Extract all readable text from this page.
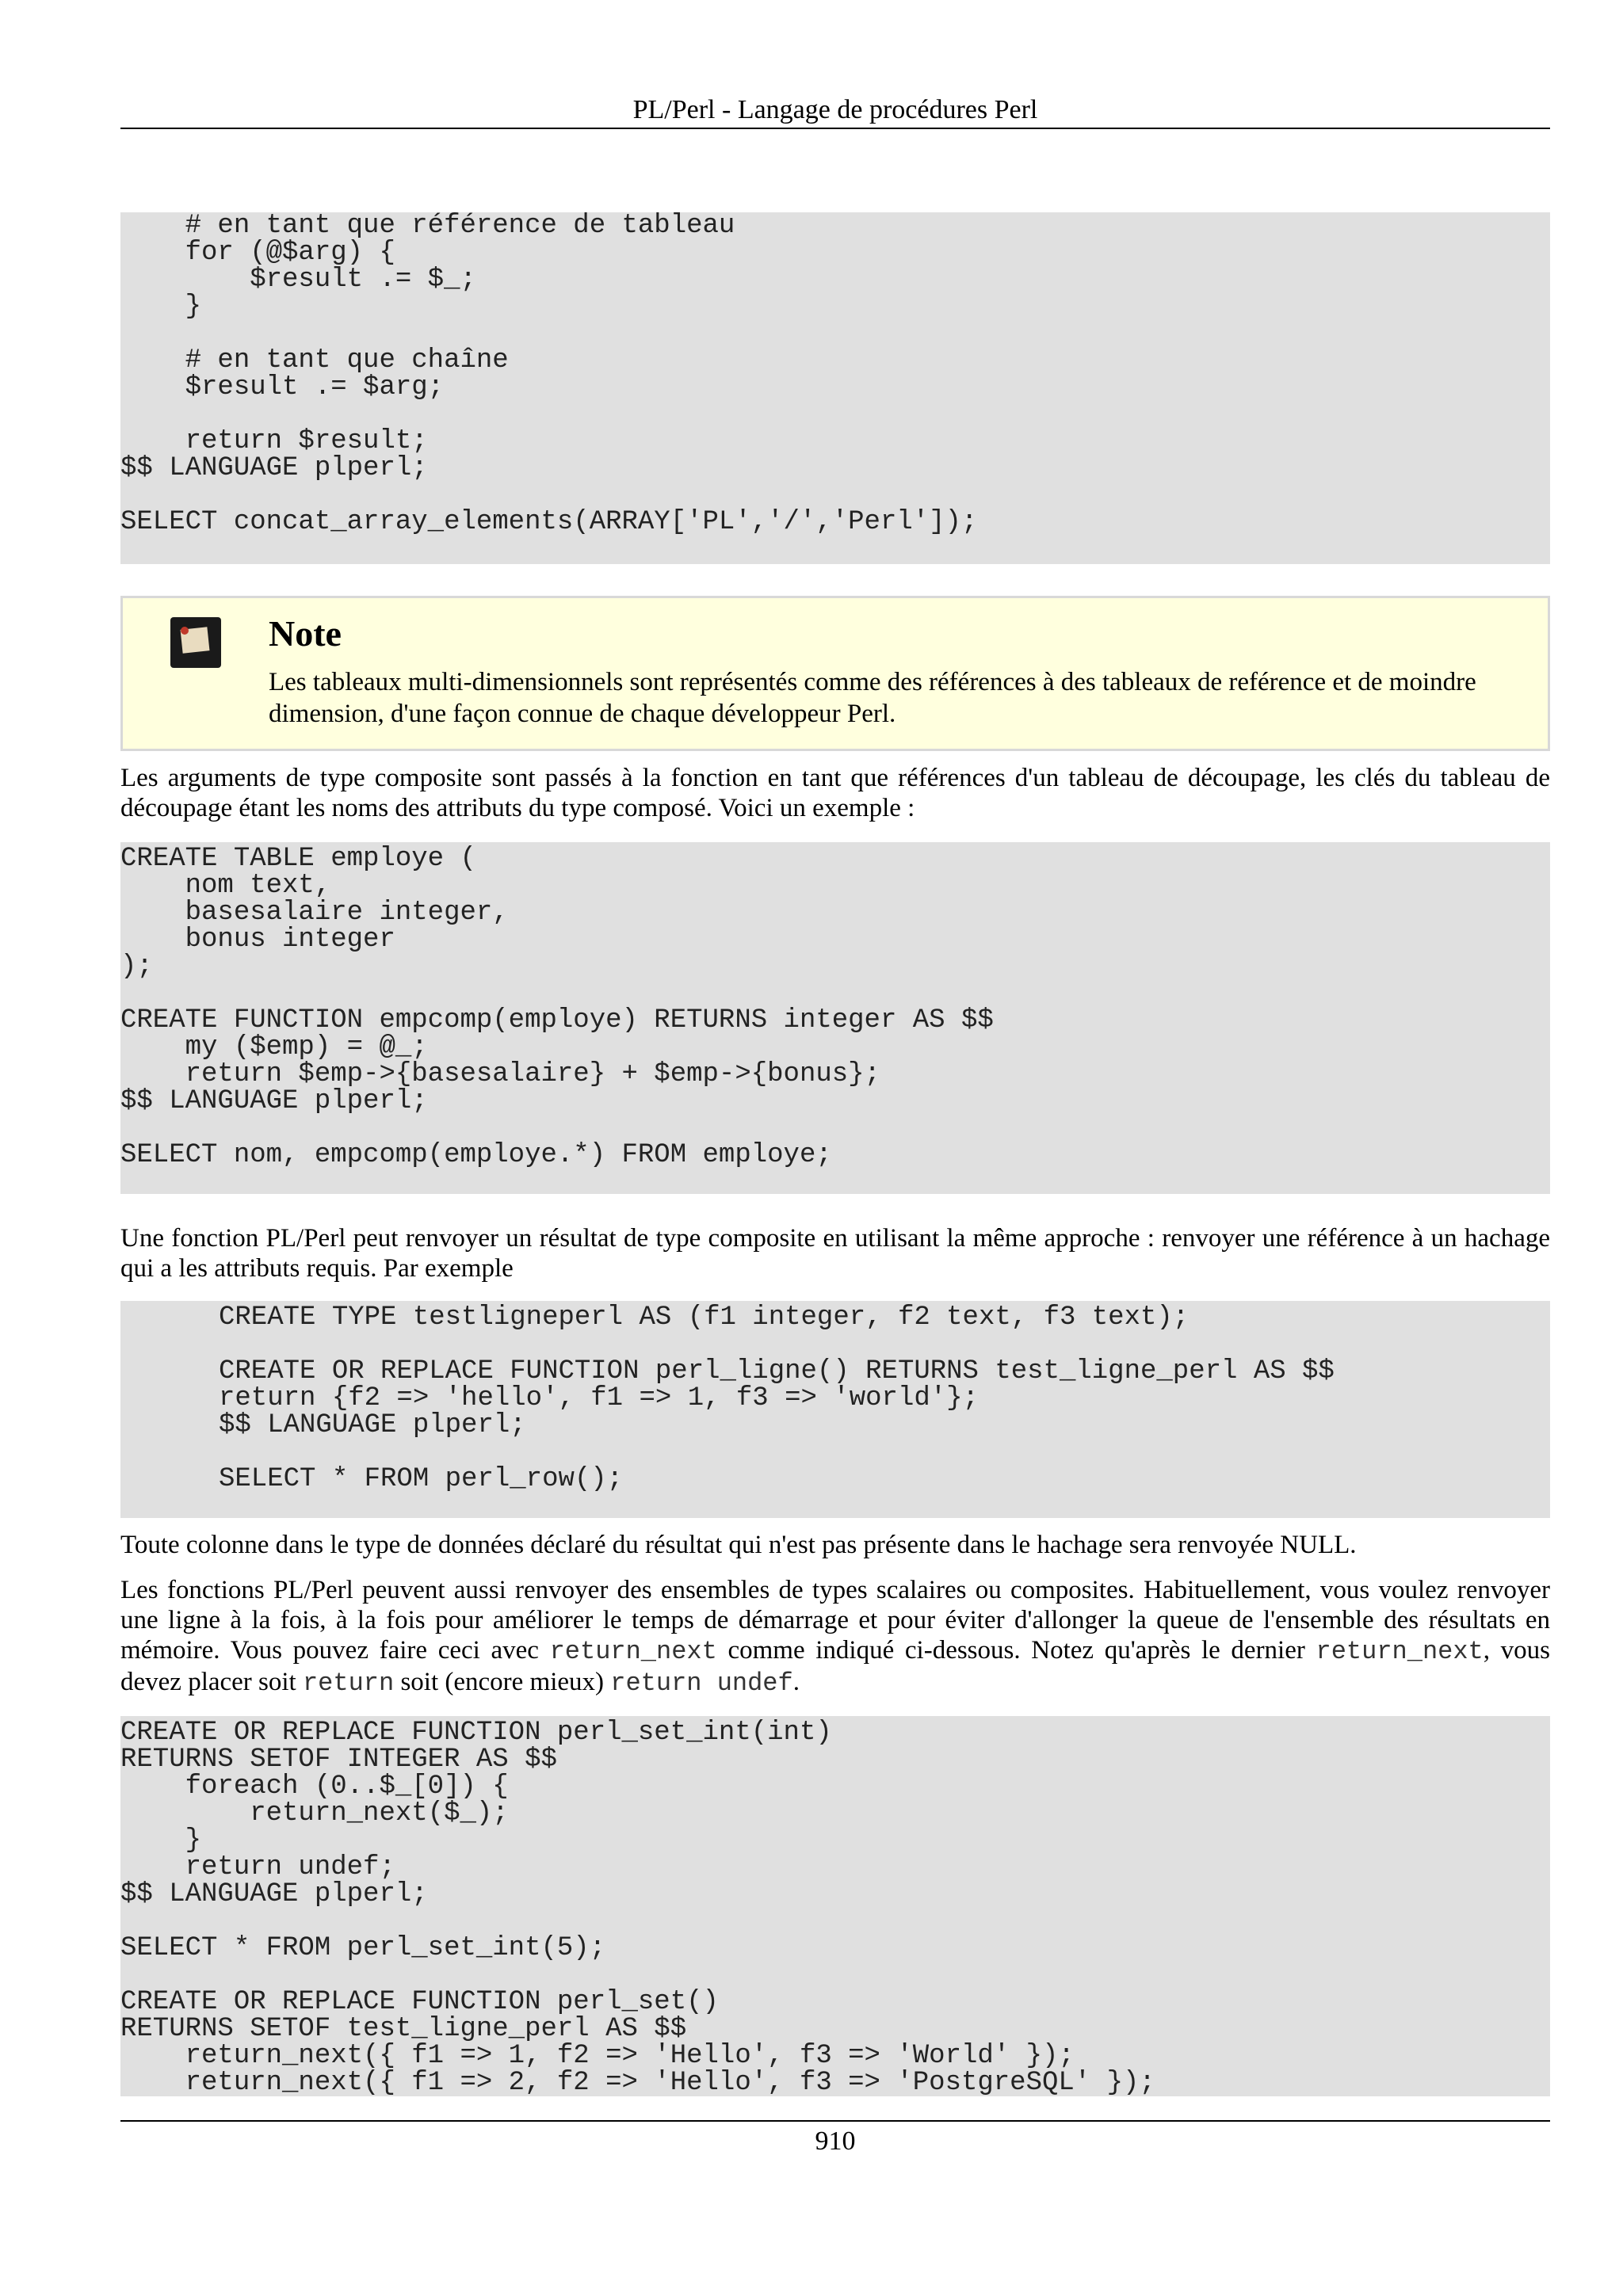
PL/Perl - Langage de procédures Perl
# en tant que référence de tableau
for (@$arg) {
$result .= $_;
}
# en tant que chaîne
$result .= $arg;
return $result;
$$ LANGUAGE plperl;
SELECT concat_array_elements(ARRAY['PL','/','Perl']);
Note
Les tableaux multi-dimensionnels sont représentés comme des références à des tableaux de reférence et de moindre dimension, d'une façon connue de chaque développeur Perl.
Les arguments de type composite sont passés à la fonction en tant que références d'un tableau de découpage, les clés du tableau de découpage étant les noms des attributs du type composé. Voici un exemple :
CREATE TABLE employe (
nom text,
basesalaire integer,
bonus integer
);
CREATE FUNCTION empcomp(employe) RETURNS integer AS $$
my ($emp) = @_;
return $emp->{basesalaire} + $emp->{bonus};
$$ LANGUAGE plperl;
SELECT nom, empcomp(employe.*) FROM employe;
Une fonction PL/Perl peut renvoyer un résultat de type composite en utilisant la même approche : renvoyer une référence à un hachage qui a les attributs requis. Par exemple
CREATE TYPE testligneperl AS (f1 integer, f2 text, f3 text);
CREATE OR REPLACE FUNCTION perl_ligne() RETURNS test_ligne_perl AS $$
return {f2 => 'hello', f1 => 1, f3 => 'world'};
$$ LANGUAGE plperl;
SELECT * FROM perl_row();
Toute colonne dans le type de données déclaré du résultat qui n'est pas présente dans le hachage sera renvoyée NULL.
Les fonctions PL/Perl peuvent aussi renvoyer des ensembles de types scalaires ou composites. Habituellement, vous voulez renvoyer une ligne à la fois, à la fois pour améliorer le temps de démarrage et pour éviter d'allonger la queue de l'ensemble des résultats en mémoire. Vous pouvez faire ceci avec return_next comme indiqué ci-dessous. Notez qu'après le dernier return_next, vous devez placer soit return soit (encore mieux) return undef.
CREATE OR REPLACE FUNCTION perl_set_int(int)
RETURNS SETOF INTEGER AS $$
foreach (0..$_[0]) {
return_next($_);
}
return undef;
$$ LANGUAGE plperl;
SELECT * FROM perl_set_int(5);
CREATE OR REPLACE FUNCTION perl_set()
RETURNS SETOF test_ligne_perl AS $$
return_next({ f1 => 1, f2 => 'Hello', f3 => 'World' });
return_next({ f1 => 2, f2 => 'Hello', f3 => 'PostgreSQL' });
910
